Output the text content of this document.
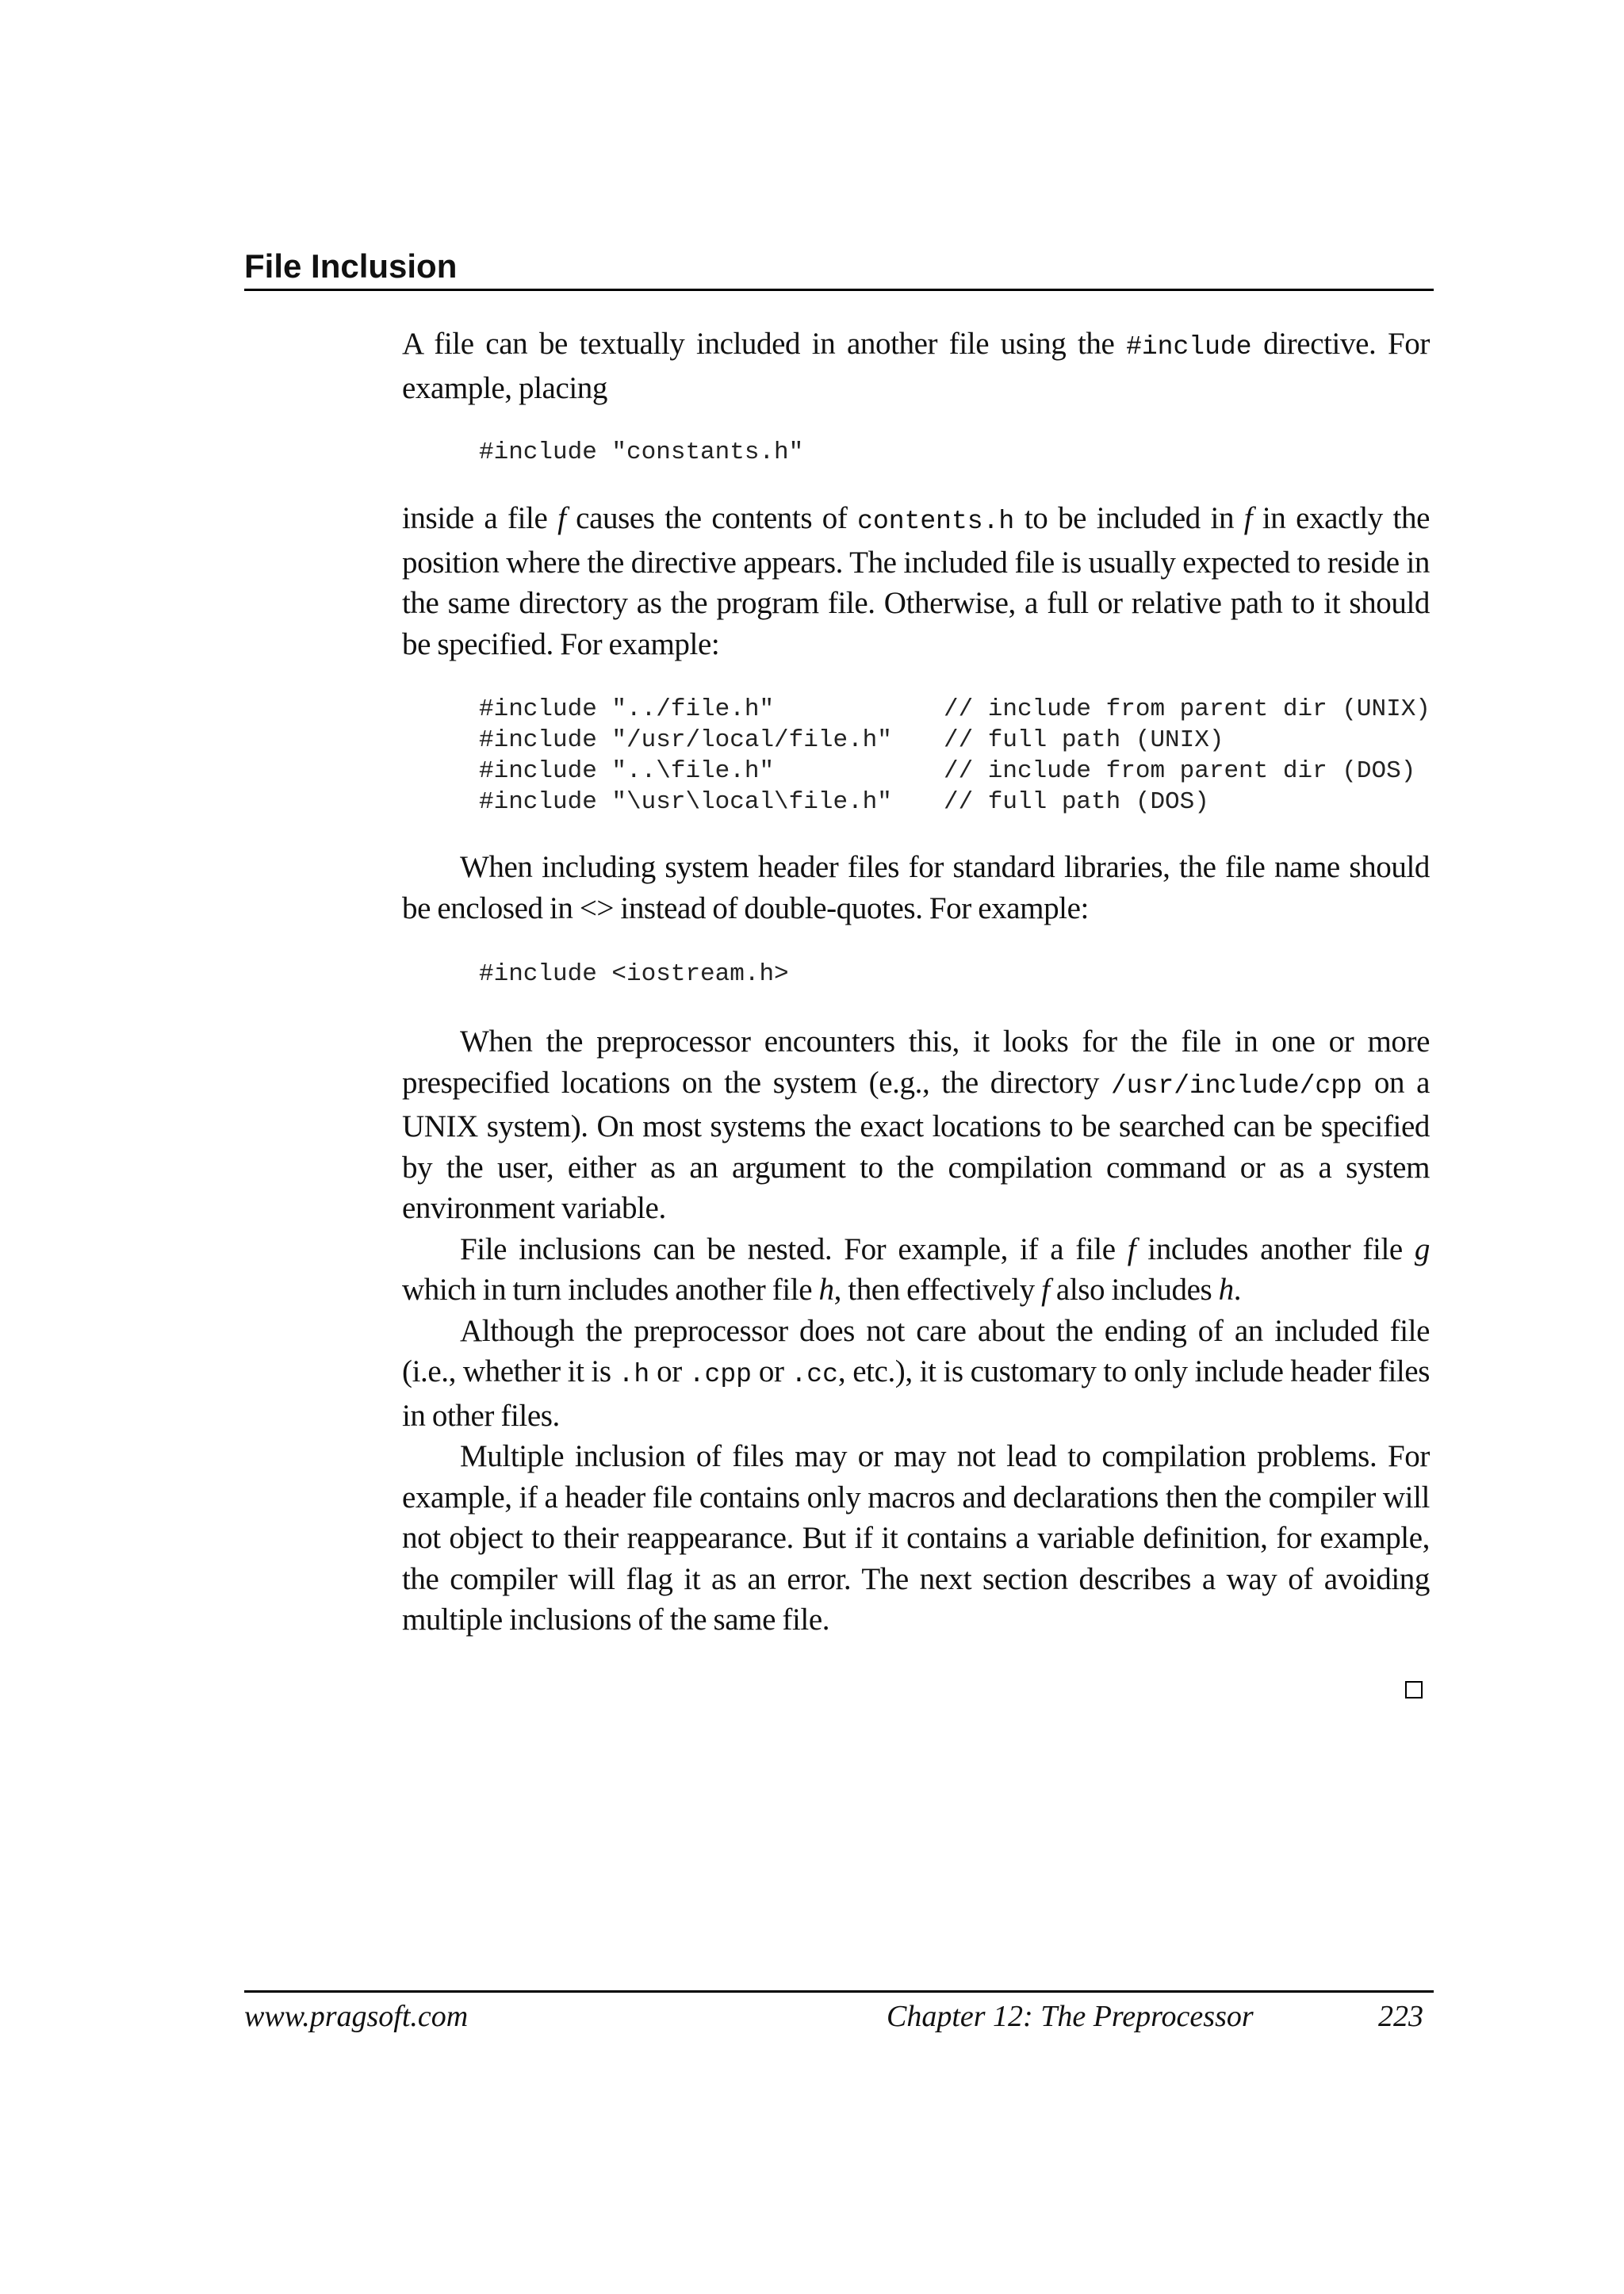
File Inclusion

A file can be textually included in another file using the #include directive. For example, placing

#include "constants.h"

inside a file f causes the contents of contents.h to be included in f in exactly the position where the directive appears. The included file is usually expected to reside in the same directory as the program file. Otherwise, a full or relative path to it should be specified. For example:

#include "../file.h"	// include from parent dir (UNIX)
#include "/usr/local/file.h"	// full path (UNIX)
#include "..\file.h"	// include from parent dir (DOS)
#include "\usr\local\file.h"	// full path (DOS)

When including system header files for standard libraries, the file name should be enclosed in <> instead of double-quotes. For example:

#include <iostream.h>

When the preprocessor encounters this, it looks for the file in one or more prespecified locations on the system (e.g., the directory /usr/include/cpp on a UNIX system). On most systems the exact locations to be searched can be specified by the user, either as an argument to the compilation command or as a system environment variable.

File inclusions can be nested. For example, if a file f includes another file g which in turn includes another file h, then effectively f also includes h.

Although the preprocessor does not care about the ending of an included file (i.e., whether it is .h or .cpp or .cc, etc.), it is customary to only include header files in other files.

Multiple inclusion of files may or may not lead to compilation problems. For example, if a header file contains only macros and declarations then the compiler will not object to their reappearance. But if it contains a variable definition, for example, the compiler will flag it as an error. The next section describes a way of avoiding multiple inclusions of the same file.

www.pragsoft.com	Chapter 12: The Preprocessor	223
